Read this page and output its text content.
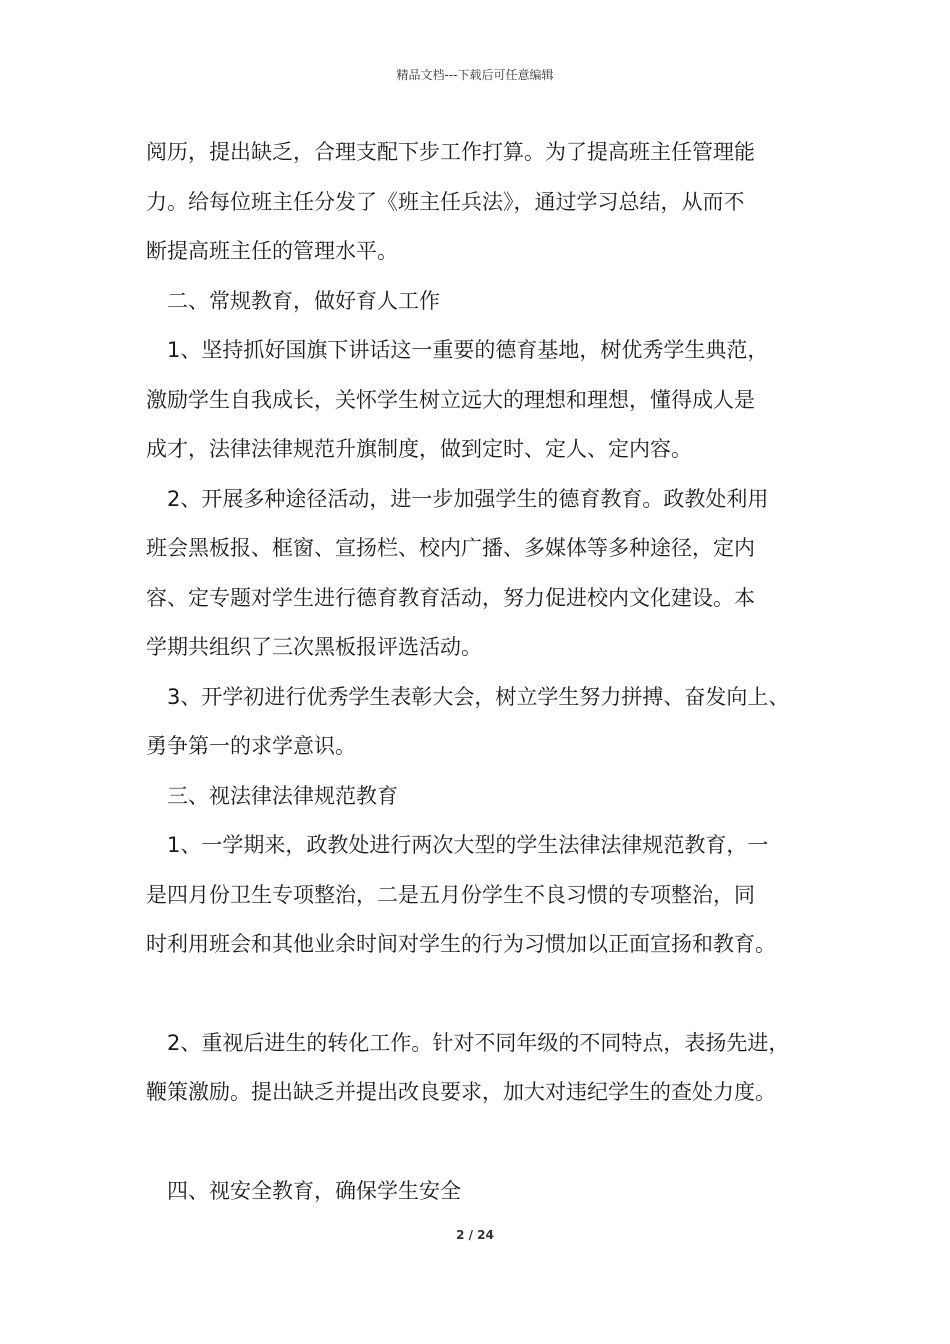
精品文档---下载后可任意编辑

阅历，提出缺乏，合理支配下步工作打算。为了提高班主任管理能

力。给每位班主任分发了《班主任兵法》，通过学习总结，从而不

断提高班主任的管理水平。

二、常规教育，做好育人工作

1、坚持抓好国旗下讲话这一重要的德育基地，树优秀学生典范，

激励学生自我成长，关怀学生树立远大的理想和理想，懂得成人是

成才，法律法律规范升旗制度，做到定时、定人、定内容。

2、开展多种途径活动，进一步加强学生的德育教育。政教处利用

班会黑板报、框窗、宣扬栏、校内广播、多媒体等多种途径，定内

容、定专题对学生进行德育教育活动，努力促进校内文化建设。本

学期共组织了三次黑板报评选活动。

3、开学初进行优秀学生表彰大会，树立学生努力拼搏、奋发向上、

勇争第一的求学意识。

三、视法律法律规范教育

1、一学期来，政教处进行两次大型的学生法律法律规范教育，一

是四月份卫生专项整治，二是五月份学生不良习惯的专项整治，同

时利用班会和其他业余时间对学生的行为习惯加以正面宣扬和教育。

2、重视后进生的转化工作。针对不同年级的不同特点，表扬先进，

鞭策激励。提出缺乏并提出改良要求，加大对违纪学生的查处力度。

四、视安全教育，确保学生安全

2 / 24
